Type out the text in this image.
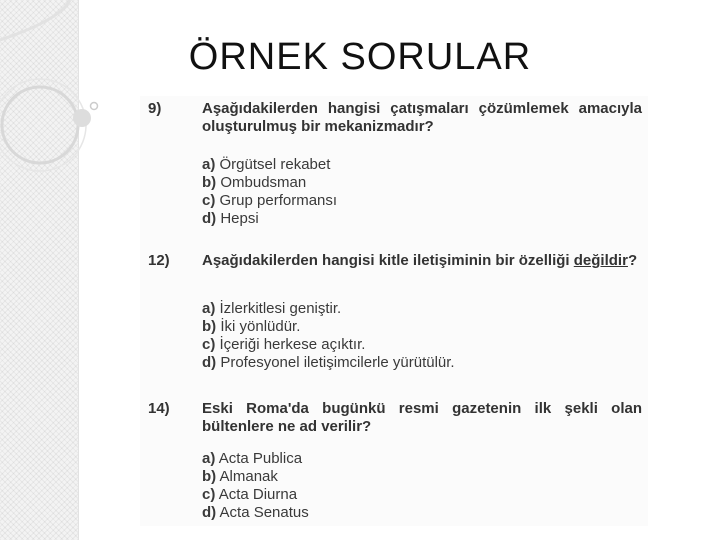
ÖRNEK SORULAR
9)	Aşağıdakilerden hangisi çatışmaları çözümlemek amacıyla oluşturulmuş bir mekanizmadır?
a) Örgütsel rekabet
b) Ombudsman
c) Grup performansı
d) Hepsi
12) Aşağıdakilerden hangisi kitle iletişiminin bir özelliği değildir?
a) İzlerkitlesi geniştir.
b) İki yönlüdür.
c) İçeriği herkese açıktır.
d) Profesyonel iletişimcilerle yürütülür.
14) Eski Roma'da bugünkü resmi gazetenin ilk şekli olan bültenlere ne ad verilir?
a) Acta Publica
b) Almanak
c) Acta Diurna
d) Acta Senatus
